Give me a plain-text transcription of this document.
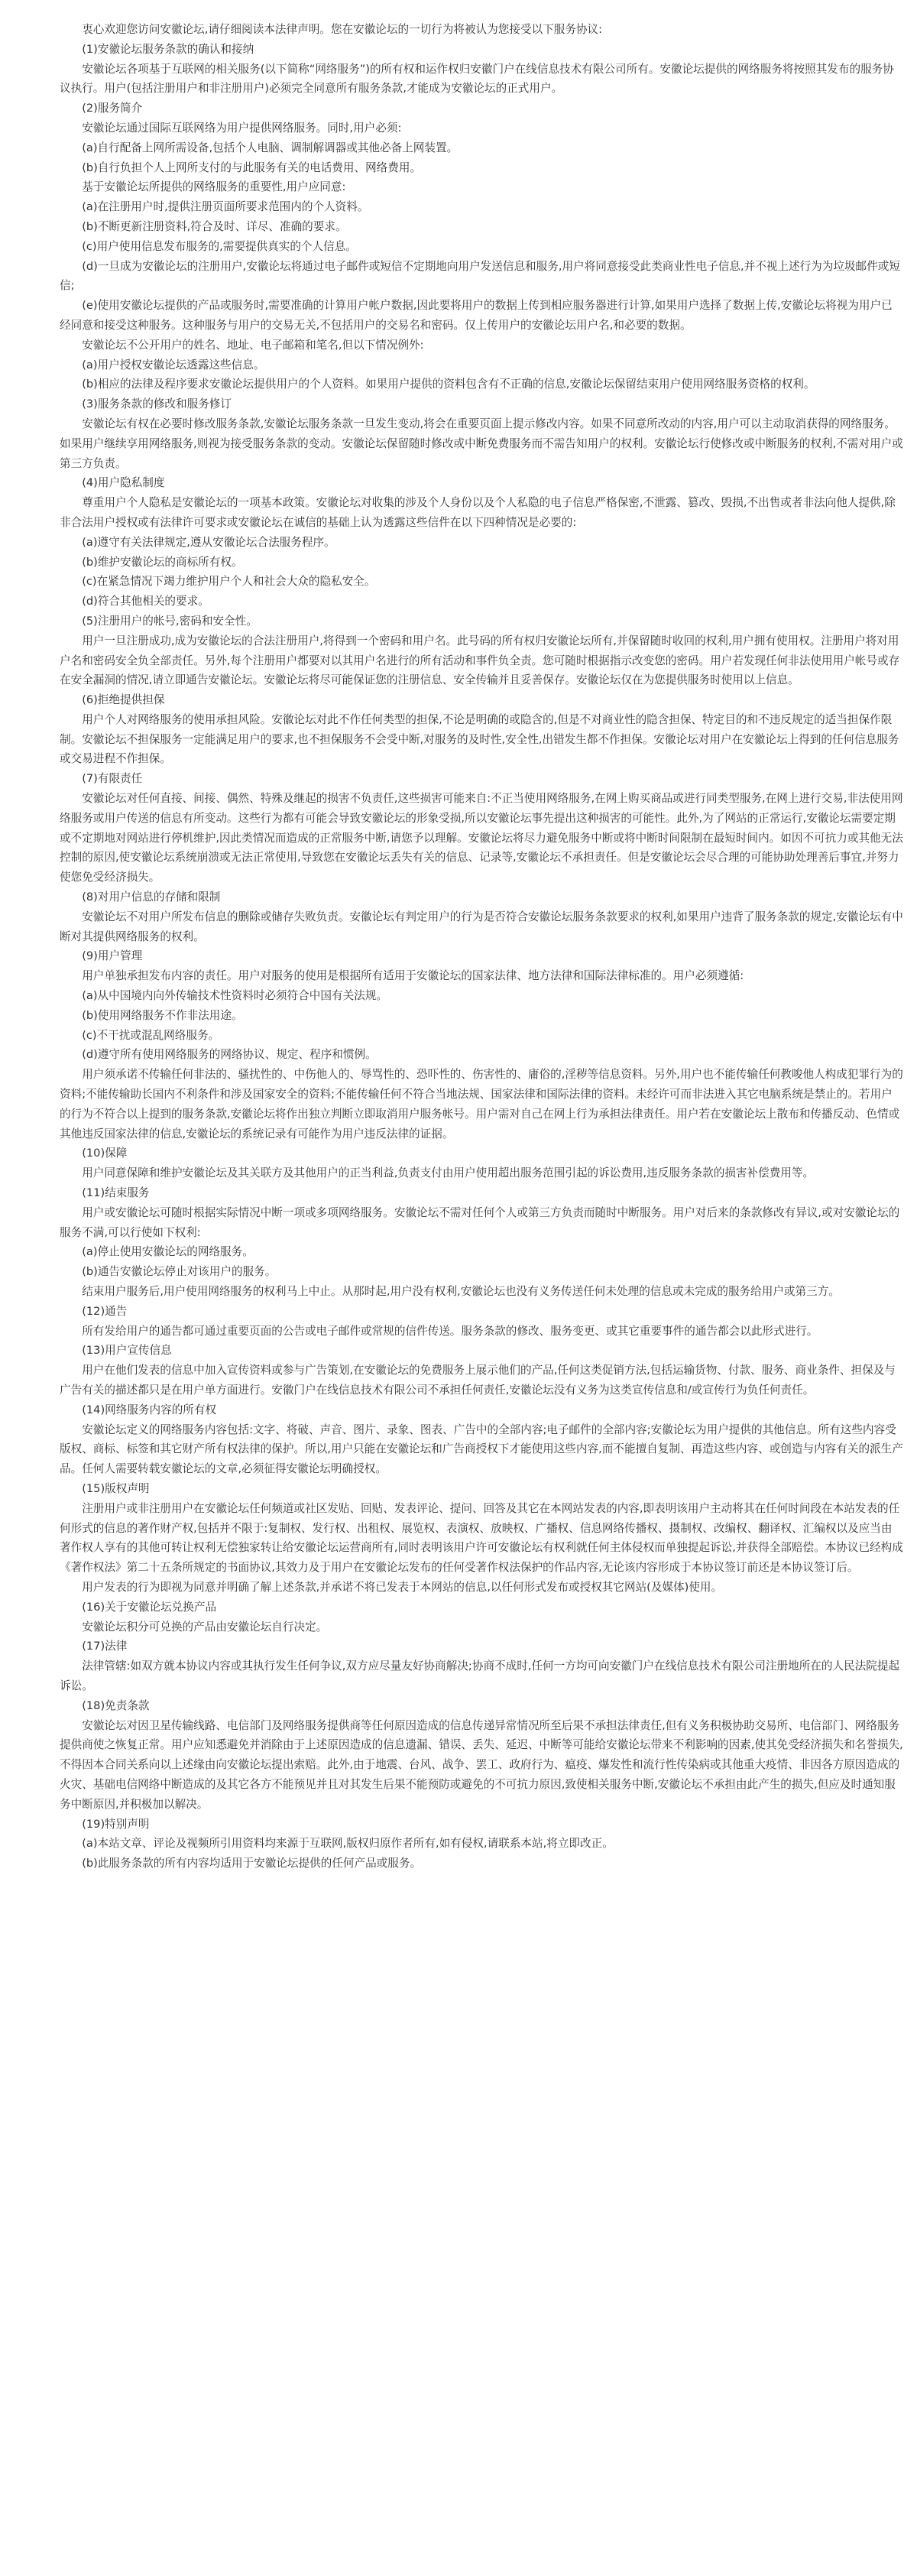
衷心欢迎您访问安徽论坛,请仔细阅读本法律声明。您在安徽论坛的一切行为将被认为您接受以下服务协议:

(1)安徽论坛服务条款的确认和接纳

安徽论坛各项基于互联网的相关服务(以下简称“网络服务”)的所有权和运作权归安徽门户在线信息技术有限公司所有。安徽论坛提供的网络服务将按照其发布的服务协议执行。用户(包括注册用户和非注册用户)必须完全同意所有服务条款,才能成为安徽论坛的正式用户。

(2)服务简介

安徽论坛通过国际互联网络为用户提供网络服务。同时,用户必须:

(a)自行配备上网所需设备,包括个人电脑、调制解调器或其他必备上网装置。

(b)自行负担个人上网所支付的与此服务有关的电话费用、网络费用。

基于安徽论坛所提供的网络服务的重要性,用户应同意:

(a)在注册用户时,提供注册页面所要求范围内的个人资料。

(b)不断更新注册资料,符合及时、详尽、准确的要求。

(c)用户使用信息发布服务的,需要提供真实的个人信息。

(d)一旦成为安徽论坛的注册用户,安徽论坛将通过电子邮件或短信不定期地向用户发送信息和服务,用户将同意接受此类商业性电子信息,并不视上述行为为垃圾邮件或短信;

(e)使用安徽论坛提供的产品或服务时,需要准确的计算用户帐户数据,因此要将用户的数据上传到相应服务器进行计算,如果用户选择了数据上传,安徽论坛将视为用户已经同意和接受这种服务。这种服务与用户的交易无关,不包括用户的交易名和密码。仅上传用户的安徽论坛用户名,和必要的数据。

安徽论坛不公开用户的姓名、地址、电子邮箱和笔名,但以下情况例外:

(a)用户授权安徽论坛透露这些信息。

(b)相应的法律及程序要求安徽论坛提供用户的个人资料。如果用户提供的资料包含有不正确的信息,安徽论坛保留结束用户使用网络服务资格的权利。

(3)服务条款的修改和服务修订

安徽论坛有权在必要时修改服务条款,安徽论坛服务条款一旦发生变动,将会在重要页面上提示修改内容。如果不同意所改动的内容,用户可以主动取消获得的网络服务。如果用户继续享用网络服务,则视为接受服务条款的变动。安徽论坛保留随时修改或中断免费服务而不需告知用户的权利。安徽论坛行使修改或中断服务的权利,不需对用户或第三方负责。

(4)用户隐私制度

尊重用户个人隐私是安徽论坛的一项基本政策。安徽论坛对收集的涉及个人身份以及个人私隐的电子信息严格保密,不泄露、篡改、毁损,不出售或者非法向他人提供,除非合法用户授权或有法律许可要求或安徽论坛在诚信的基础上认为透露这些信件在以下四种情况是必要的:

(a)遵守有关法律规定,遵从安徽论坛合法服务程序。

(b)维护安徽论坛的商标所有权。

(c)在紧急情况下竭力维护用户个人和社会大众的隐私安全。

(d)符合其他相关的要求。

(5)注册用户的帐号,密码和安全性。

用户一旦注册成功,成为安徽论坛的合法注册用户,将得到一个密码和用户名。此号码的所有权归安徽论坛所有,并保留随时收回的权利,用户拥有使用权。注册用户将对用户名和密码安全负全部责任。另外,每个注册用户都要对以其用户名进行的所有活动和事件负全责。您可随时根据指示改变您的密码。用户若发现任何非法使用用户帐号或存在安全漏洞的情况,请立即通告安徽论坛。安徽论坛将尽可能保证您的注册信息、安全传输并且妥善保存。安徽论坛仅在为您提供服务时使用以上信息。

(6)拒绝提供担保

用户个人对网络服务的使用承担风险。安徽论坛对此不作任何类型的担保,不论是明确的或隐含的,但是不对商业性的隐含担保、特定目的和不违反规定的适当担保作限制。安徽论坛不担保服务一定能满足用户的要求,也不担保服务不会受中断,对服务的及时性,安全性,出错发生都不作担保。安徽论坛对用户在安徽论坛上得到的任何信息服务或交易进程不作担保。

(7)有限责任

安徽论坛对任何直接、间接、偶然、特殊及继起的损害不负责任,这些损害可能来自:不正当使用网络服务,在网上购买商品或进行同类型服务,在网上进行交易,非法使用网络服务或用户传送的信息有所变动。这些行为都有可能会导致安徽论坛的形象受损,所以安徽论坛事先提出这种损害的可能性。此外,为了网站的正常运行,安徽论坛需要定期或不定期地对网站进行停机维护,因此类情况而造成的正常服务中断,请您予以理解。安徽论坛将尽力避免服务中断或将中断时间限制在最短时间内。如因不可抗力或其他无法控制的原因,使安徽论坛系统崩溃或无法正常使用,导致您在安徽论坛丢失有关的信息、记录等,安徽论坛不承担责任。但是安徽论坛会尽合理的可能协助处理善后事宜,并努力使您免受经济损失。

(8)对用户信息的存储和限制

安徽论坛不对用户所发布信息的删除或储存失败负责。安徽论坛有判定用户的行为是否符合安徽论坛服务条款要求的权利,如果用户违背了服务条款的规定,安徽论坛有中断对其提供网络服务的权利。

(9)用户管理

用户单独承担发布内容的责任。用户对服务的使用是根据所有适用于安徽论坛的国家法律、地方法律和国际法律标准的。用户必须遵循:

(a)从中国境内向外传输技术性资料时必须符合中国有关法规。

(b)使用网络服务不作非法用途。

(c)不干扰或混乱网络服务。

(d)遵守所有使用网络服务的网络协议、规定、程序和惯例。

用户须承诺不传输任何非法的、骚扰性的、中伤他人的、辱骂性的、恐吓性的、伤害性的、庸俗的,淫秽等信息资料。另外,用户也不能传输任何教唆他人构成犯罪行为的资料;不能传输助长国内不利条件和涉及国家安全的资料;不能传输任何不符合当地法规、国家法律和国际法律的资料。未经许可而非法进入其它电脑系统是禁止的。若用户的行为不符合以上提到的服务条款,安徽论坛将作出独立判断立即取消用户服务帐号。用户需对自己在网上行为承担法律责任。用户若在安徽论坛上散布和传播反动、色情或其他违反国家法律的信息,安徽论坛的系统记录有可能作为用户违反法律的证据。

(10)保障

用户同意保障和维护安徽论坛及其关联方及其他用户的正当利益,负责支付由用户使用超出服务范围引起的诉讼费用,违反服务条款的损害补偿费用等。

(11)结束服务

用户或安徽论坛可随时根据实际情况中断一项或多项网络服务。安徽论坛不需对任何个人或第三方负责而随时中断服务。用户对后来的条款修改有异议,或对安徽论坛的服务不满,可以行使如下权利:

(a)停止使用安徽论坛的网络服务。

(b)通告安徽论坛停止对该用户的服务。

结束用户服务后,用户使用网络服务的权利马上中止。从那时起,用户没有权利,安徽论坛也没有义务传送任何未处理的信息或未完成的服务给用户或第三方。

(12)通告

所有发给用户的通告都可通过重要页面的公告或电子邮件或常规的信件传送。服务条款的修改、服务变更、或其它重要事件的通告都会以此形式进行。

(13)用户宣传信息

用户在他们发表的信息中加入宣传资料或参与广告策划,在安徽论坛的免费服务上展示他们的产品,任何这类促销方法,包括运输货物、付款、服务、商业条件、担保及与广告有关的描述都只是在用户单方面进行。安徽门户在线信息技术有限公司不承担任何责任,安徽论坛没有义务为这类宣传信息和/或宣传行为负任何责任。

(14)网络服务内容的所有权

安徽论坛定义的网络服务内容包括:文字、将破、声音、图片、录象、图表、广告中的全部内容;电子邮件的全部内容;安徽论坛为用户提供的其他信息。所有这些内容受版权、商标、标签和其它财产所有权法律的保护。所以,用户只能在安徽论坛和广告商授权下才能使用这些内容,而不能擅自复制、再造这些内容、或创造与内容有关的派生产品。任何人需要转载安徽论坛的文章,必须征得安徽论坛明确授权。

(15)版权声明

注册用户或非注册用户在安徽论坛任何频道或社区发贴、回贴、发表评论、提问、回答及其它在本网站发表的内容,即表明该用户主动将其在任何时间段在本站发表的任何形式的信息的著作财产权,包括并不限于:复制权、发行权、出租权、展览权、表演权、放映权、广播权、信息网络传播权、摄制权、改编权、翻译权、汇编权以及应当由著作权人享有的其他可转让权利无偿独家转让给安徽论坛运营商所有,同时表明该用户许可安徽论坛有权利就任何主体侵权而单独提起诉讼,并获得全部赔偿。本协议已经构成《著作权法》第二十五条所规定的书面协议,其效力及于用户在安徽论坛发布的任何受著作权法保护的作品内容,无论该内容形成于本协议签订前还是本协议签订后。

用户发表的行为即视为同意并明确了解上述条款,并承诺不将已发表于本网站的信息,以任何形式发布或授权其它网站(及媒体)使用。

(16)关于安徽论坛兑换产品

安徽论坛积分可兑换的产品由安徽论坛自行决定。

(17)法律

法律管辖:如双方就本协议内容或其执行发生任何争议,双方应尽量友好协商解决;协商不成时,任何一方均可向安徽门户在线信息技术有限公司注册地所在的人民法院提起诉讼。

(18)免责条款

安徽论坛对因卫星传输线路、电信部门及网络服务提供商等任何原因造成的信息传递异常情况所至后果不承担法律责任,但有义务积极协助交易所、电信部门、网络服务提供商使之恢复正常。用户应知悉避免并消除由于上述原因造成的信息遗漏、错误、丢失、延迟、中断等可能给安徽论坛带来不利影响的因素,使其免受经济损失和名誉损失,不得因本合同关系向以上述缘由向安徽论坛提出索赔。此外,由于地震、台风、战争、罢工、政府行为、瘟疫、爆发性和流行性传染病或其他重大疫情、非因各方原因造成的火灾、基础电信网络中断造成的及其它各方不能预见并且对其发生后果不能预防或避免的不可抗力原因,致使相关服务中断,安徽论坛不承担由此产生的损失,但应及时通知服务中断原因,并积极加以解决。

(19)特别声明

(a)本站文章、评论及视频所引用资料均来源于互联网,版权归原作者所有,如有侵权,请联系本站,将立即改正。

(b)此服务条款的所有内容均适用于安徽论坛提供的任何产品或服务。
